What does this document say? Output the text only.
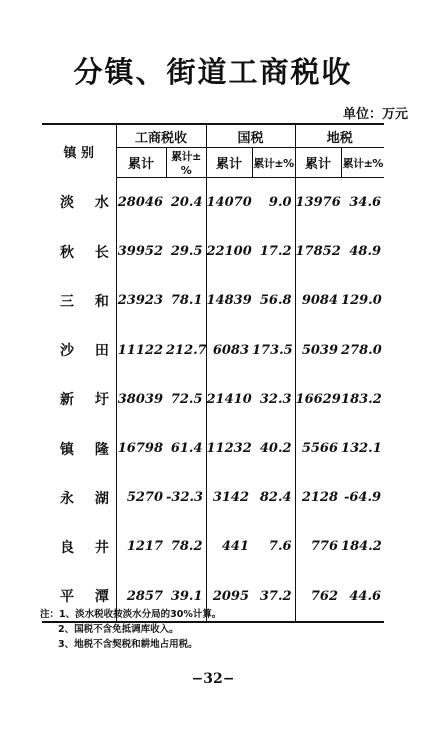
分镇、街道工商税收
单位：万元
镇 别	工商税收		国税		地税	
	累计	累计±%	累计	累计±%	累计	累计±%
淡 水	28046	20.4	14070	9.0	13976	34.6
秋 长	39952	29.5	22100	17.2	17852	48.9
三 和	23923	78.1	14839	56.8	9084	129.0
沙 田	11122	212.7	6083	173.5	5039	278.0
新 圩	38039	72.5	21410	32.3	16629	183.2
镇 隆	16798	61.4	11232	40.2	5566	132.1
永 湖	5270	-32.3	3142	82.4	2128	-64.9
良 井	1217	78.2	441	7.6	776	184.2
平 潭	2857	39.1	2095	37.2	762	44.6
注：1、淡水税收按淡水分局的30%计算。
2、国税不含免抵调库收入。
3、地税不含契税和耕地占用税。
−32−
